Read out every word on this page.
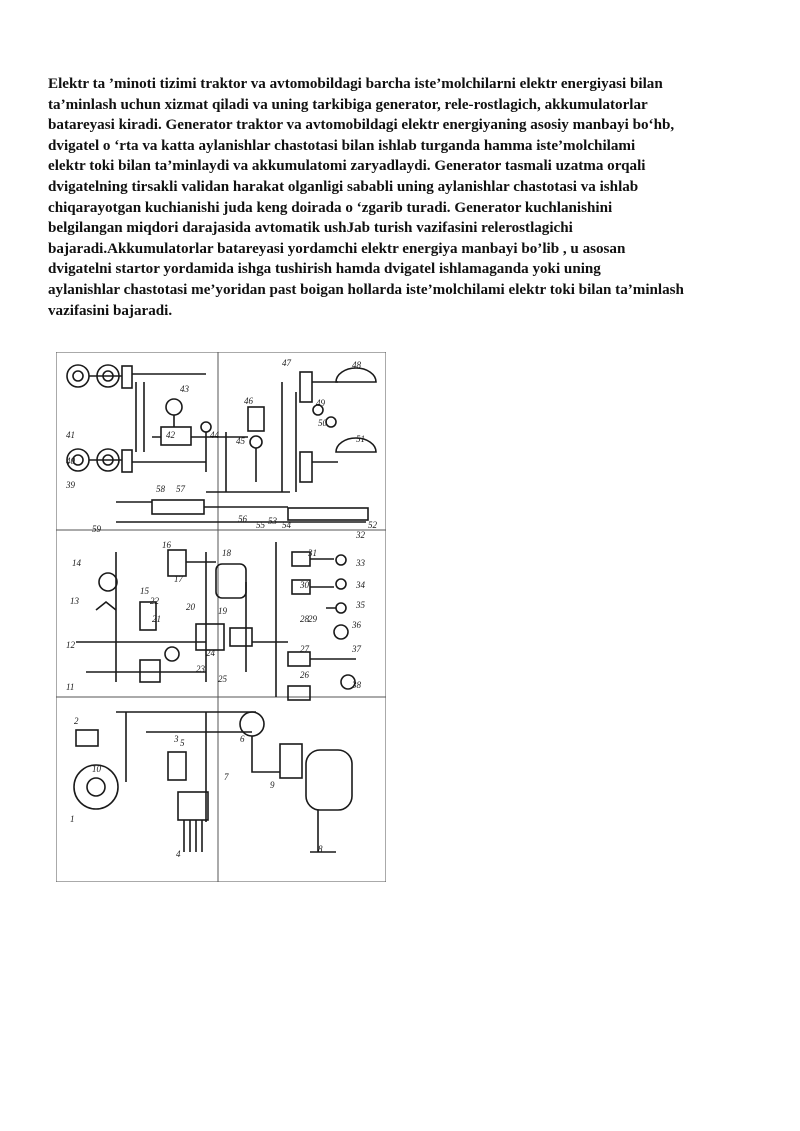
Elektr ta ’minoti tizimi traktor va avtomobildagi barcha iste’molchilarni elektr energiyasi bilan
ta’minlash uchun xizmat qiladi va uning tarkibiga generator, rele-rostlagich, akkumulatorlar
batareyasi kiradi. Generator traktor va avtomobildagi elektr energiyaning asosiy manbayi bo‘hb,
dvigatel o ‘rta va katta aylanishlar chastotasi bilan ishlab turganda hamma iste’molchilami
elektr toki bilan ta’minlaydi va akkumulatomi zaryadlaydi. Generator tasmali uzatma orqali
dvigatelning tirsakli validan harakat olganligi sababli uning aylanishlar chastotasi va ishlab
chiqarayotgan kuchianishi juda keng doirada o ‘zgarib turadi. Generator kuchlanishini
belgilangan miqdori darajasida avtomatik ushJab turish vazifasini relerostlagichi
bajaradi.Akkumulatorlar batareyasi yordamchi elektr energiya manbayi bo’lib , u asosan
dvigatelni startor yordamida ishga tushirish hamda dvigatel ishlamaganda yoki uning
aylanishlar chastotasi me’yoridan past boigan hollarda iste’molchilami elektr toki bilan ta’minlash
vazifasini bajaradi.
1
2
3
4
5	6
7
8
9
10
11
12
13
14
15
16
17
18
19
20
21
22
23
24
25	26
27
28 29
30
31
32
33
34
35
36
37
38
39
40
41	42
43
44
45
46
47	48
49
50
51
52
53 54
55
56
57
58
59
